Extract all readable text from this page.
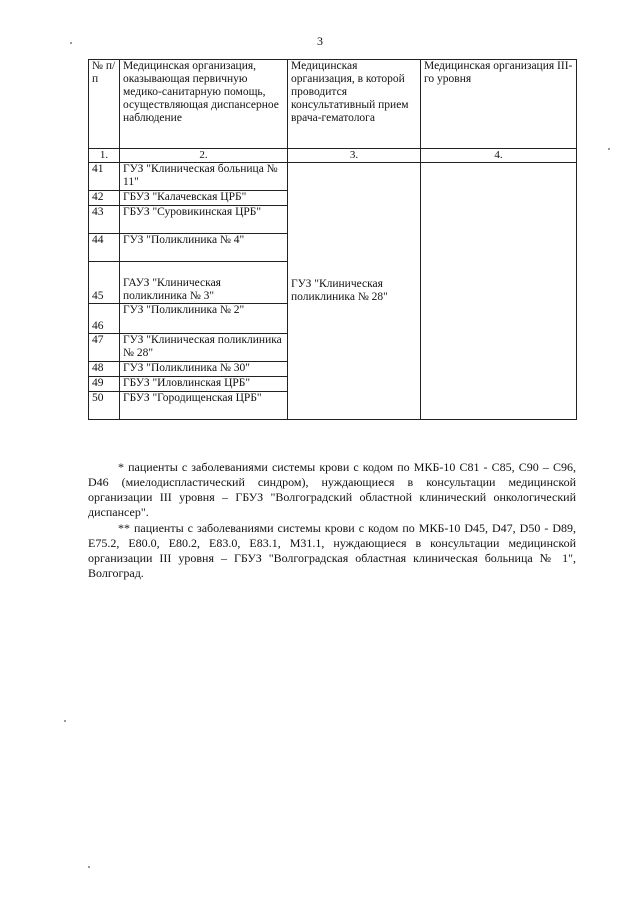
3
№ п/п	Медицинская организация, оказывающая первичную медико-санитарную помощь, осуществляющая диспансерное наблюдение	Медицинская организация, в которой проводится консультативный прием врача-гематолога	Медицинская организация III-го уровня
1.	2.	3.	4.
41	ГУЗ "Клиническая больница № 11"	ГУЗ "Клиническая поликлиника № 28"	
42	ГБУЗ "Калачевская ЦРБ"		
43	ГБУЗ "Суровикинская ЦРБ"		
44	ГУЗ "Поликлиника № 4"		
45	ГАУЗ "Клиническая поликлиника № 3"		
46	ГУЗ "Поликлиника № 2"		
47	ГУЗ "Клиническая поликлиника № 28"		
48	ГУЗ "Поликлиника № 30"		
49	ГБУЗ "Иловлинская ЦРБ"		
50	ГБУЗ "Городищенская ЦРБ"		

* пациенты с заболеваниями системы крови с кодом по МКБ-10 С81 - С85, С90 – С96, D46 (миелодиспластический синдром), нуждающиеся в консультации медицинской организации III уровня – ГБУЗ "Волгоградский областной клинический онкологический диспансер".

** пациенты с заболеваниями системы крови с кодом по МКБ-10 D45, D47, D50 - D89, E75.2, E80.0, E80.2, E83.0, E83.1, M31.1, нуждающиеся в консультации медицинской организации III уровня – ГБУЗ "Волгоградская областная клиническая больница № 1", Волгоград.
